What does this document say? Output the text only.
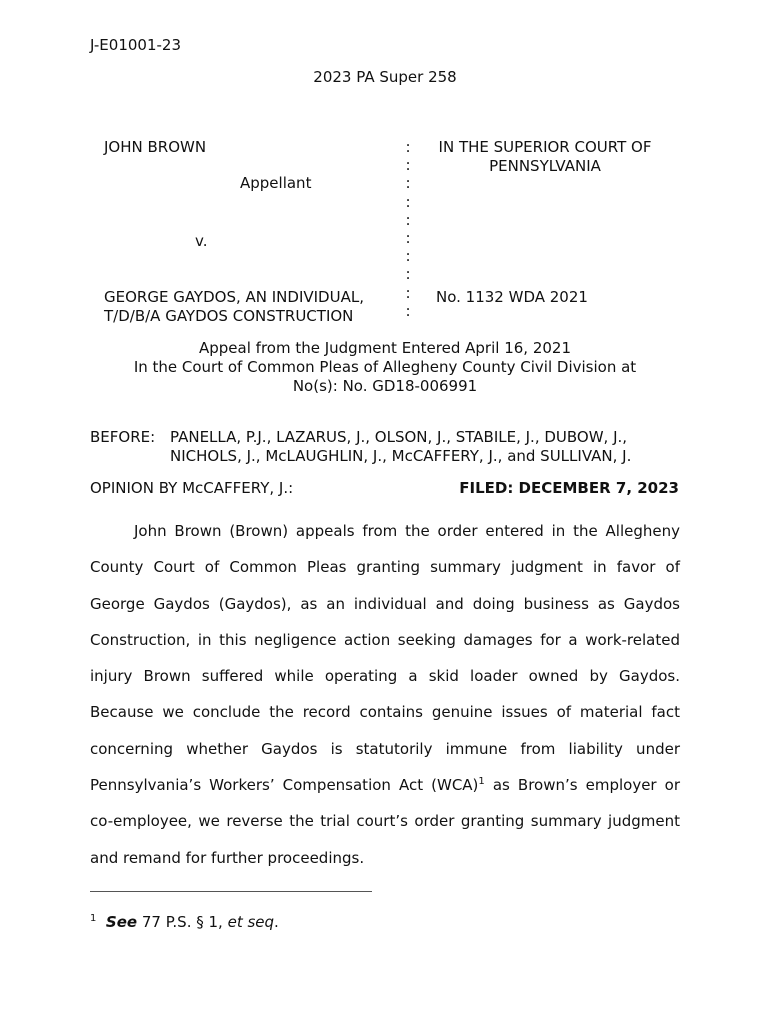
J-E01001-23
2023 PA Super 258
JOHN BROWN
Appellant
v.
GEORGE GAYDOS, AN INDIVIDUAL,
T/D/B/A GAYDOS CONSTRUCTION
:
:
:
:
:
:
:
:
:
:
IN THE SUPERIOR COURT OF PENNSYLVANIA
No. 1132 WDA 2021
Appeal from the Judgment Entered April 16, 2021
In the Court of Common Pleas of Allegheny County Civil Division at
No(s): No. GD18-006991
BEFORE: PANELLA, P.J., LAZARUS, J., OLSON, J., STABILE, J., DUBOW, J.,
NICHOLS, J., McLAUGHLIN, J., McCAFFERY, J., and SULLIVAN, J.
OPINION BY McCAFFERY, J.:	FILED: DECEMBER 7, 2023
John Brown (Brown) appeals from the order entered in the Allegheny County Court of Common Pleas granting summary judgment in favor of George Gaydos (Gaydos), as an individual and doing business as Gaydos Construction, in this negligence action seeking damages for a work-related injury Brown suffered while operating a skid loader owned by Gaydos. Because we conclude the record contains genuine issues of material fact concerning whether Gaydos is statutorily immune from liability under Pennsylvania’s Workers’ Compensation Act (WCA)$^1$ as Brown’s employer or co-employee, we reverse the trial court’s order granting summary judgment and remand for further proceedings.
$^1$ See 77 P.S. § 1, et seq.
